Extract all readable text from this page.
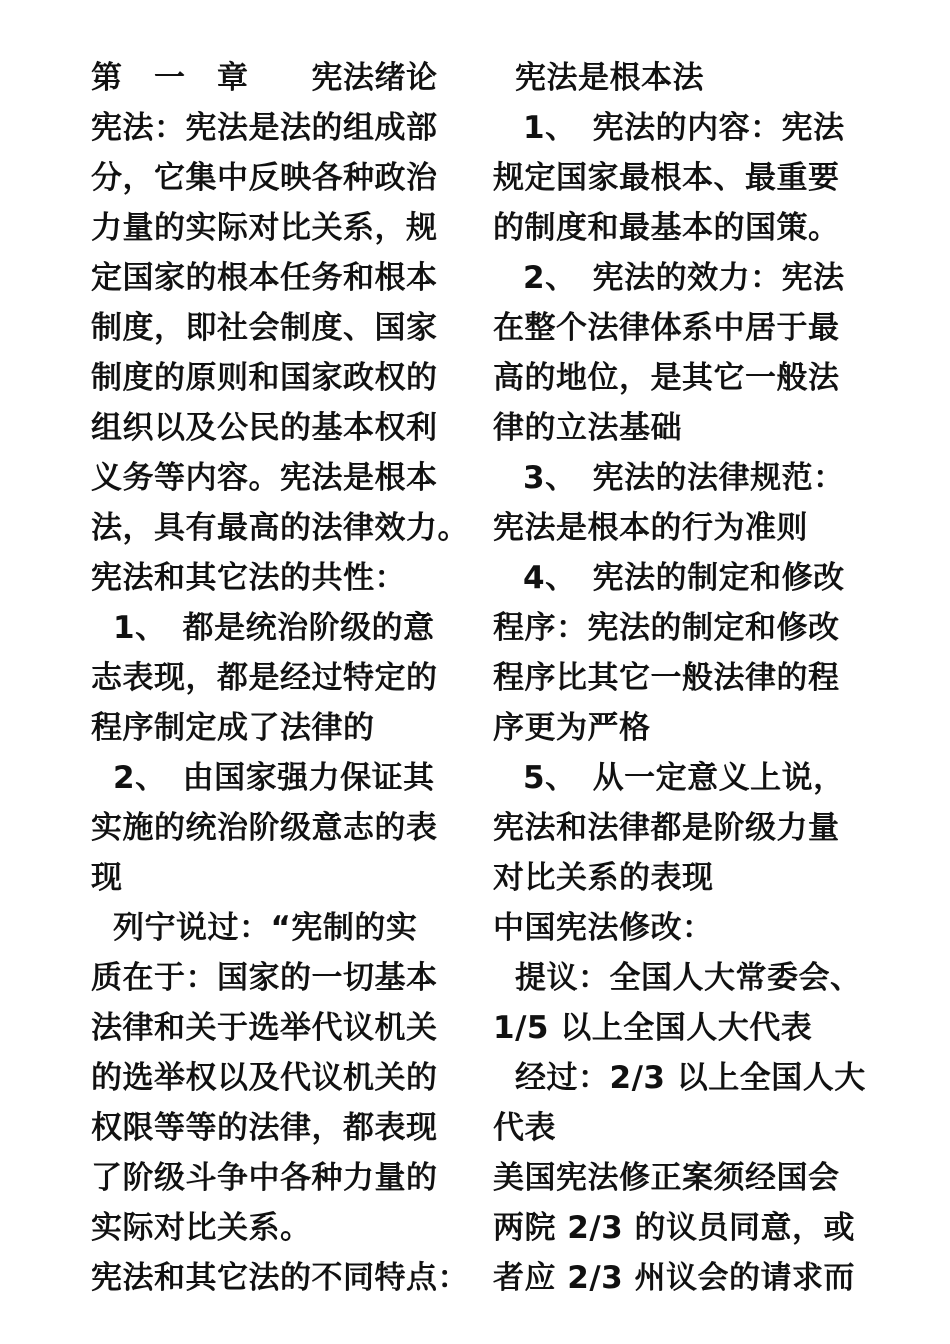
第　一　章　　宪法绪论
宪法：宪法是法的组成部
分，它集中反映各种政治
力量的实际对比关系，规
定国家的根本任务和根本
制度，即社会制度、国家
制度的原则和国家政权的
组织以及公民的基本权利
义务等内容。宪法是根本
法，具有最高的法律效力。
宪法和其它法的共性：
1、　都是统治阶级的意
志表现，都是经过特定的
程序制定成了法律的
2、　由国家强力保证其
实施的统治阶级意志的表
现
列宁说过：“宪制的实
质在于：国家的一切基本
法律和关于选举代议机关
的选举权以及代议机关的
权限等等的法律，都表现
了阶级斗争中各种力量的
实际对比关系。
宪法和其它法的不同特点：
宪法是根本法
1、　宪法的内容：宪法
规定国家最根本、最重要
的制度和最基本的国策。
2、　宪法的效力：宪法
在整个法律体系中居于最
高的地位，是其它一般法
律的立法基础
3、　宪法的法律规范：
宪法是根本的行为准则
4、　宪法的制定和修改
程序：宪法的制定和修改
程序比其它一般法律的程
序更为严格
5、　从一定意义上说，
宪法和法律都是阶级力量
对比关系的表现
中国宪法修改：
提议：全国人大常委会、
1/5 以上全国人大代表
经过：2/3 以上全国人大
代表
美国宪法修正案须经国会
两院 2/3 的议员同意，或
者应 2/3 州议会的请求而
